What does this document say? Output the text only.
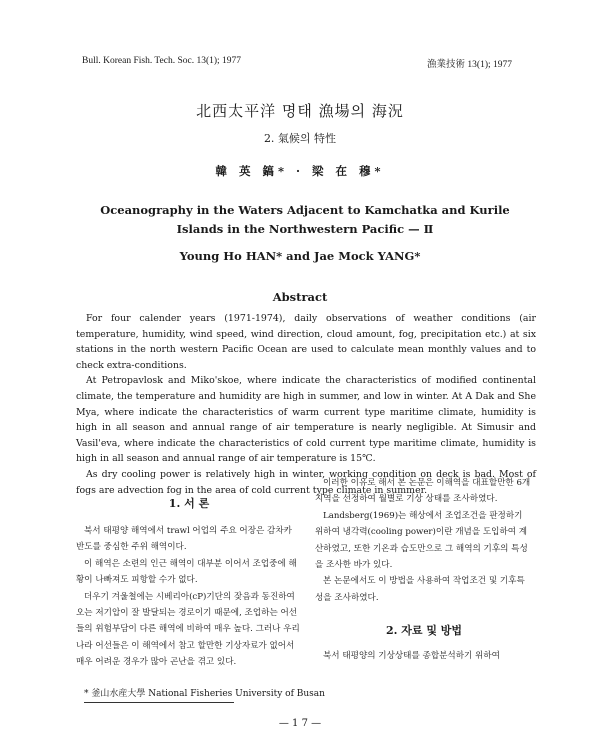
Bull. Korean Fish. Tech. Soc. 13(1); 1977	漁業技術 13(1); 1977
北西太平洋 명태 漁場의 海況
2. 氣候의 特性
韓 英 鎬* · 梁 在 穆*
Oceanography in the Waters Adjacent to Kamchatka and Kurile
Islands in the Northwestern Pacific — Ⅱ
Young Ho HAN* and Jae Mock YANG*
Abstract

For four calender years (1971-1974), daily observations of weather conditions (air temperature, humidity, wind speed, wind direction, cloud amount, fog, precipitation etc.) at six stations in the north western Pacific Ocean are used to calculate mean monthly values and to check extra-conditions.

At Petropavlosk and Miko'skoe, where indicate the characteristics of modified continental climate, the temperature and humidity are high in summer, and low in winter. At A Dak and She Mya, where indicate the characteristics of warm current type maritime climate, humidity is high in all season and annual range of air temperature is nearly negligible. At Simusir and Vasil'eva, where indicate the characteristics of cold current type maritime climate, humidity is high in all season and annual range of air temperature is 15℃.

As dry cooling power is relatively high in winter, working condition on deck is bad. Most of fogs are advection fog in the area of cold current type climate in summer.

1. 서 론

북서 태평양 해역에서 trawl 어업의 주요 어장은 감차카반도를 중심한 주위 해역이다.

이 해역은 소련의 인근 해역이 대부분 이어서 조업중에 해황이 나빠져도 피항할 수가 없다.

더우기 겨울철에는 시베리아(cP)기단의 잦음과 동진하여 오는 저기압이 잘 발달되는 경로이기 때문에, 조업하는 어선들의 위험부담이 다른 해역에 비하여 매우 높다. 그러나 우리 나라 어선들은 이 해역에서 참고 할만한 기상자료가 없어서 매우 어려운 경우가 많아 곤난을 겪고 있다.

이러한 이유로 해서 본 논문은 이해역을 대표할만한 6개지역을 선정하여 월별로 기상 상태를 조사하였다.

Landsberg(1969)는 해상에서 조업조건을 판정하기 위하여 냉각력(cooling power)이란 개념을 도입하여 계산하였고, 또한 기온과 습도만으로 그 해역의 기후의 특성을 조사한 바가 있다.

본 논문에서도 이 방법을 사용하여 작업조건 및 기후특성을 조사하였다.

2. 자료 및 방법

북서 태평양의 기상상태를 종합분석하기 위하여

* 釜山水産大學 National Fisheries University of Busan
— 1 7 —
